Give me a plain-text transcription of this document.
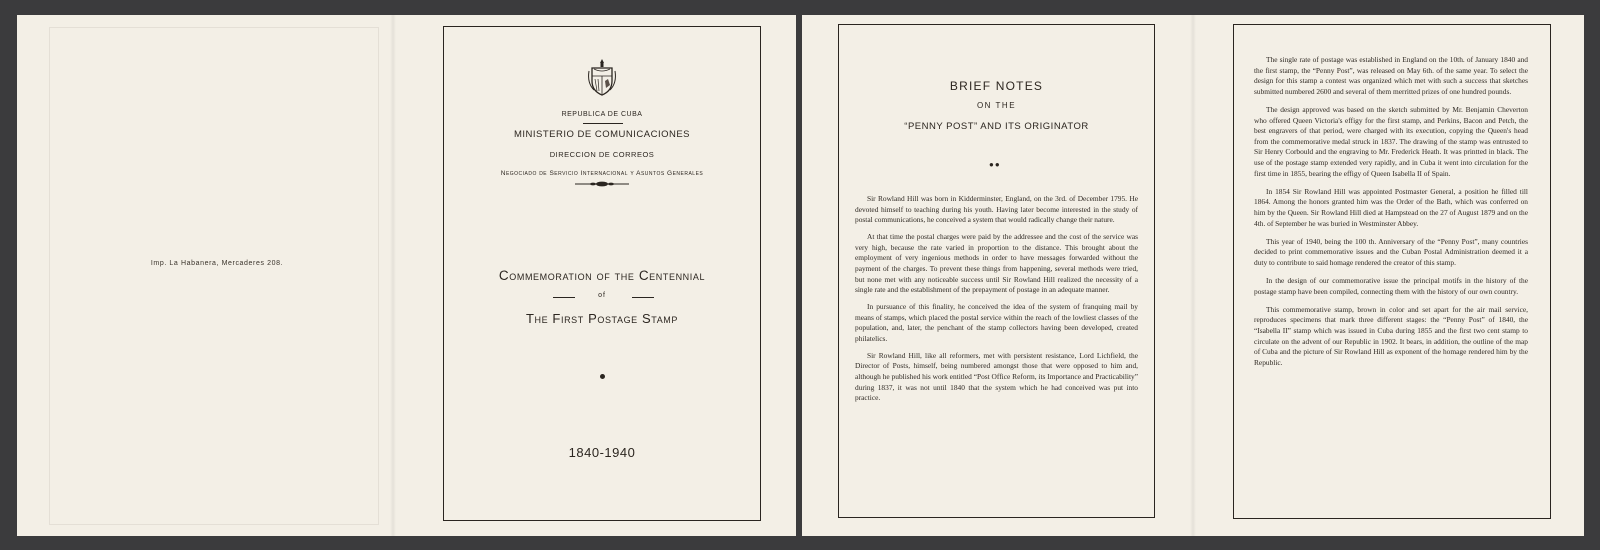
Imp. La Habanera, Mercaderes 208.
REPUBLICA DE CUBA
MINISTERIO DE COMUNICACIONES
DIRECCION DE CORREOS
Negociado de Servicio Internacional y Asuntos Generales
Commemoration of the Centennial
of
The First Postage Stamp
1840-1940
BRIEF NOTES
ON THE
“PENNY POST” AND ITS ORIGINATOR
●●

Sir Rowland Hill was born in Kidderminster, England, on the 3rd. of December 1795. He devoted himself to teaching during his youth. Having later become interested in the study of postal communications, he conceived a system that would radically change their nature.

At that time the postal charges were paid by the addressee and the cost of the service was very high, because the rate varied in proportion to the distance. This brought about the employment of very ingenious methods in order to have messages forwarded without the payment of the charges. To prevent these things from happening, several methods were tried, but none met with any noticeable success until Sir Rowland Hill realized the necessity of a single rate and the establishment of the prepayment of postage in an adequate manner.

In pursuance of this finality, he conceived the idea of the system of franquing mail by means of stamps, which placed the postal service within the reach of the lowliest classes of the population, and, later, the penchant of the stamp collectors having been developed, created philatelics.

Sir Rowland Hill, like all reformers, met with persistent resistance, Lord Lichfield, the Director of Posts, himself, being numbered amongst those that were opposed to him and, although he published his work entitled “Post Office Reform, its Importance and Practicability” during 1837, it was not until 1840 that the system which he had conceived was put into practice.

The single rate of postage was established in England on the 10th. of January 1840 and the first stamp, the “Penny Post”, was released on May 6th. of the same year. To select the design for this stamp a contest was organized which met with such a success that sketches submitted numbered 2600 and several of them merritted prizes of one hundred pounds.

The design approved was based on the sketch submitted by Mr. Benjamin Cheverton who offered Queen Victoria's effigy for the first stamp, and Perkins, Bacon and Petch, the best engravers of that period, were charged with its execution, copying the Queen's head from the commemorative medal struck in 1837. The drawing of the stamp was entrusted to Sir Henry Corbould and the engraving to Mr. Frederick Heath. It was printted in black. The use of the postage stamp extended very rapidly, and in Cuba it went into circulation for the first time in 1855, bearing the effigy of Queen Isabella II of Spain.

In 1854 Sir Rowland Hill was appointed Postmaster General, a position he filled till 1864. Among the honors granted him was the Order of the Bath, which was conferred on him by the Queen. Sir Rowland Hill died at Hampstead on the 27 of August 1879 and on the 4th. of September he was buried in Westminster Abbey.

This year of 1940, being the 100 th. Anniversary of the “Penny Post”, many countries decided to print commemorative issues and the Cuban Postal Administration deemed it a duty to contribute to said homage rendered the creator of this stamp.

In the design of our commemorative issue the principal motifs in the history of the postage stamp have been compiled, connecting them with the history of our own country.

This commemorative stamp, brown in color and set apart for the air mail service, reproduces specimens that mark three different stages: the “Penny Post” of 1840, the “Isabella II” stamp which was issued in Cuba during 1855 and the first two cent stamp to circulate on the advent of our Republic in 1902. It bears, in addition, the outline of the map of Cuba and the picture of Sir Rowland Hill as exponent of the homage rendered him by the Republic.
